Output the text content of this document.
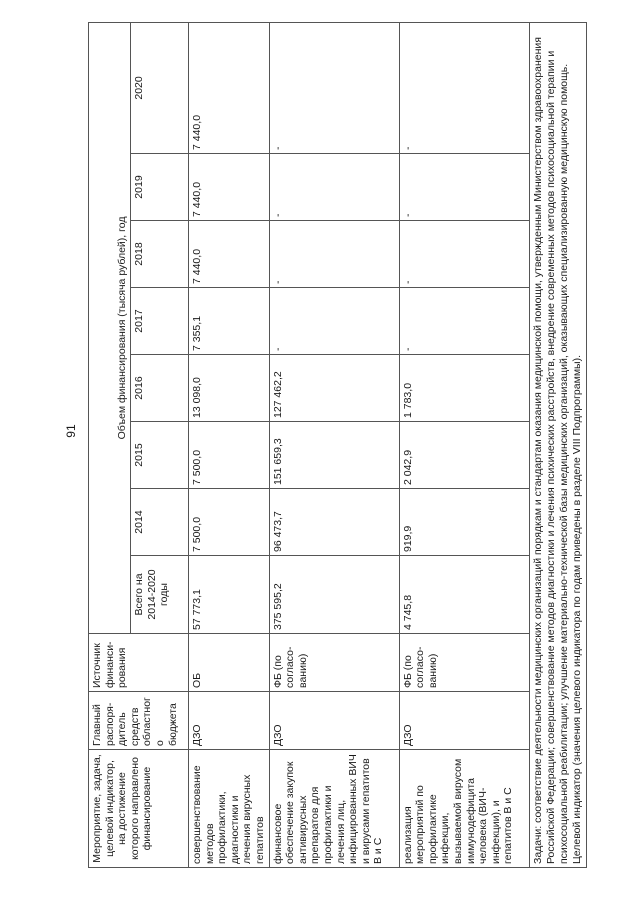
91
Мероприятие, задача, целевой индикатор, на достижение которого направлено финансирование	Главный распоря-дитель средств областного бюджета	Источник финанси-рования	Объем финансирования (тысяча рублей), год							
			Всего на 2014-2020 годы	2014	2015	2016	2017	2018	2019	2020
совершенствование методов профилактики, диагностики и лечения вирусных гепатитов	ДЗО	ОБ	57 773,1	7 500,0	7 500,0	13 098,0	7 355,1	7 440,0	7 440,0	7 440,0
финансовое обеспечение закупок антивирусных препаратов для профилактики и лечения лиц, инфицированных ВИЧ и вирусами гепатитов В и С	ДЗО	ФБ (по согласо-ванию)	375 595,2	96 473,7	151 659,3	127 462,2	-	-	-	-
реализация мероприятий по профилактике инфекции, вызываемой вирусом иммунодефицита человека (ВИЧ-инфекции), и гепатитов В и С	ДЗО	ФБ (по согласо-ванию)	4 745,8	919,9	2 042,9	1 783,0	-	-	-	-

Задачи: соответствие деятельности медицинских организаций порядкам и стандартам оказания медицинской помощи, утвержденным Министерством здравоохранения Российской Федерации; совершенствование методов диагностики и лечения психических расстройств, внедрение современных методов психосоциальной терапии и психосоциальной реабилитации; улучшение материально-технической базы медицинских организаций, оказывающих специализированную медицинскую помощь. Целевой индикатор (значения целевого индикатора по годам приведены в разделе VIII Подпрограммы).										
